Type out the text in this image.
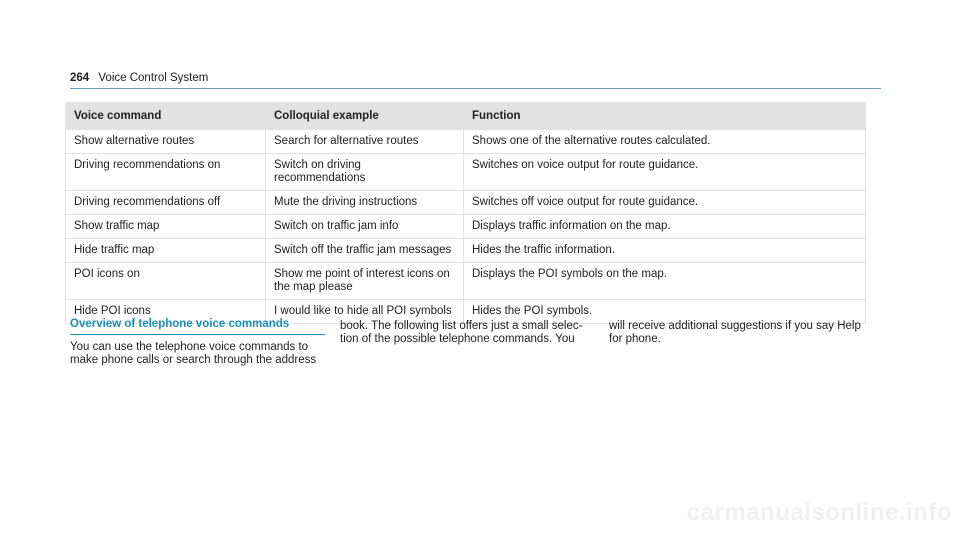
264 Voice Control System
Voice command	Colloquial example	Function
Show alternative routes	Search for alternative routes	Shows one of the alternative routes calculated.
Driving recommendations on	Switch on driving recommendations	Switches on voice output for route guidance.
Driving recommendations off	Mute the driving instructions	Switches off voice output for route guidance.
Show traffic map	Switch on traffic jam info	Displays traffic information on the map.
Hide traffic map	Switch off the traffic jam messages	Hides the traffic information.
POI icons on	Show me point of interest icons on the map please	Displays the POI symbols on the map.
Hide POI icons	I would like to hide all POI symbols	Hides the POI symbols.
Overview of telephone voice commands
You can use the telephone voice commands to make phone calls or search through the address
book. The following list offers just a small selec-tion of the possible telephone commands. You
will receive additional suggestions if you say Help for phone.
carmanualsonline.info
